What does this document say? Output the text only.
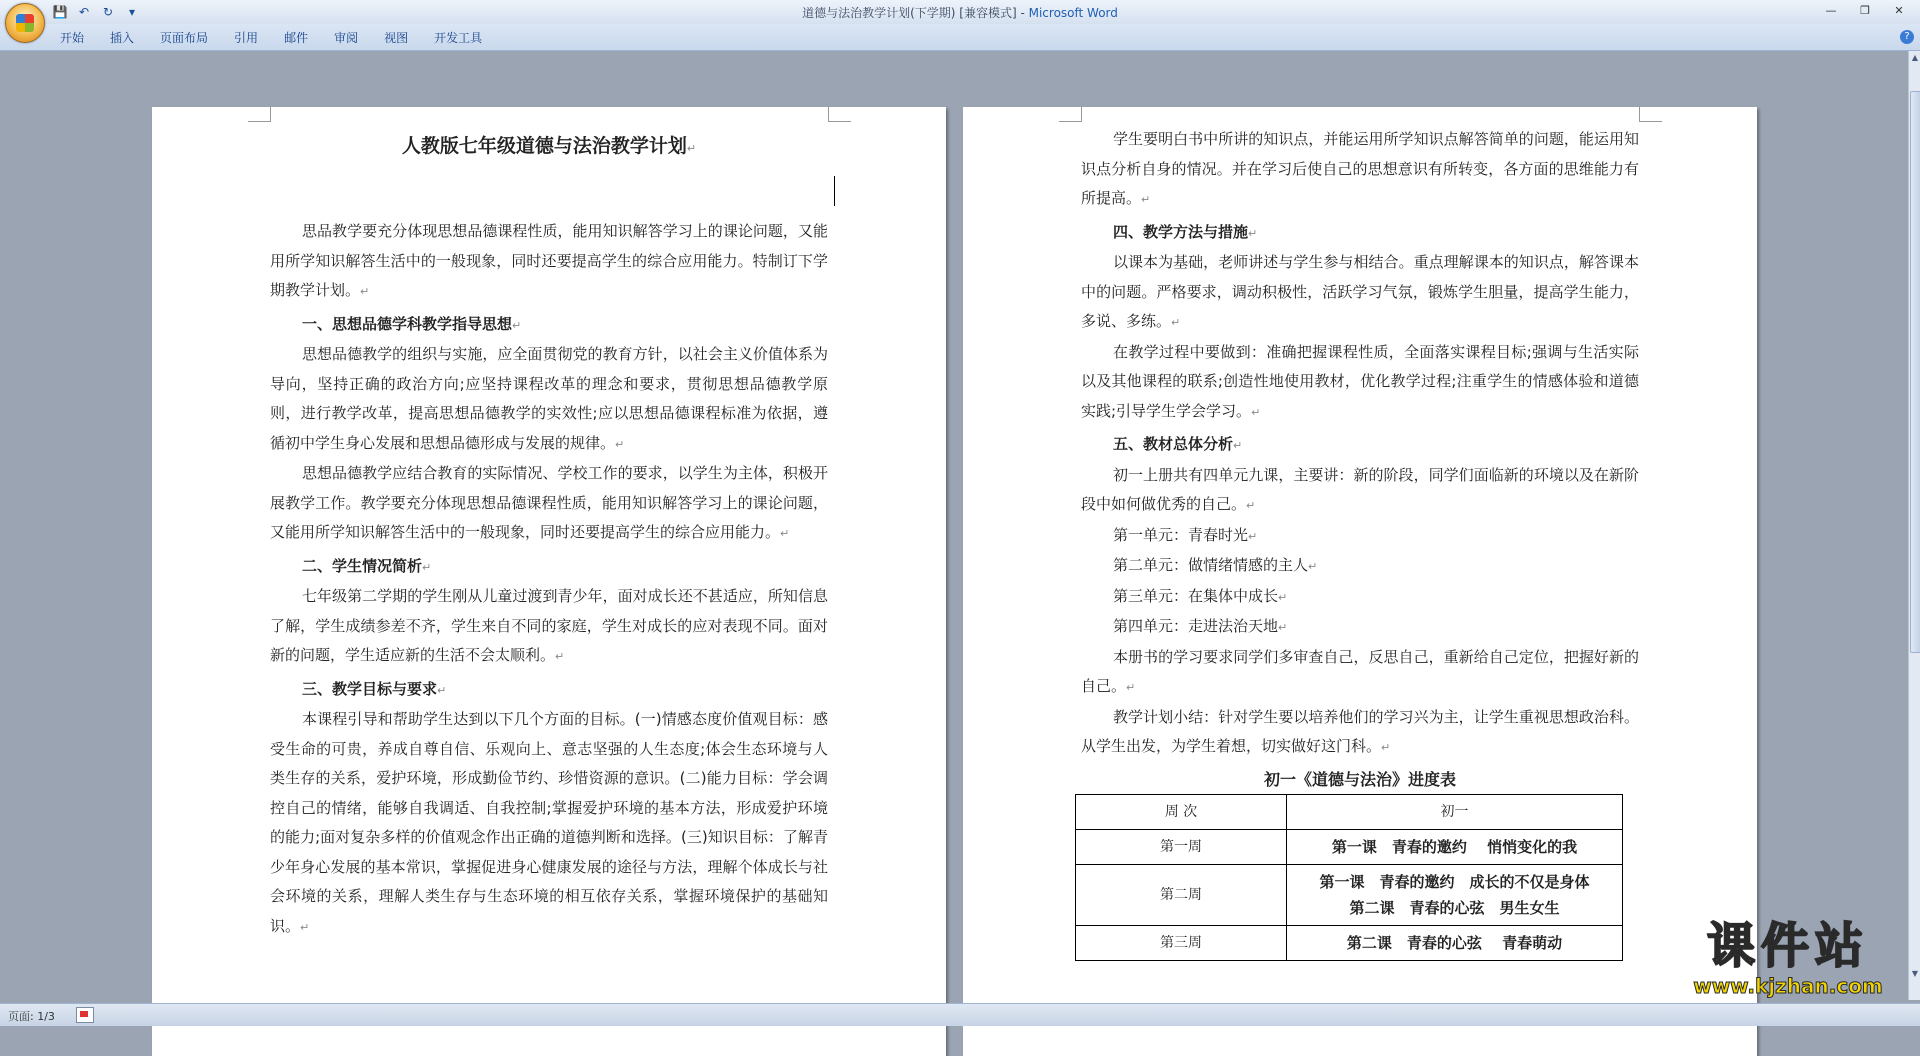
💾 ↶ ↻	▾	道德与法治教学计划(下学期) [兼容模式] - Microsoft Word	—	❐	✕
开始	插入	页面布局	引用	邮件	审阅	视图	开发工具	?
人教版七年级道德与法治教学计划↵

思品教学要充分体现思想品德课程性质，能用知识解答学习上的课论问题，又能用所学知识解答生活中的一般现象，同时还要提高学生的综合应用能力。特制订下学期教学计划。↵

一、思想品德学科教学指导思想↵

思想品德教学的组织与实施，应全面贯彻党的教育方针，以社会主义价值体系为导向，坚持正确的政治方向;应坚持课程改革的理念和要求，贯彻思想品德教学原则，进行教学改革，提高思想品德教学的实效性;应以思想品德课程标准为依据，遵循初中学生身心发展和思想品德形成与发展的规律。↵

思想品德教学应结合教育的实际情况、学校工作的要求，以学生为主体，积极开展教学工作。教学要充分体现思想品德课程性质，能用知识解答学习上的课论问题，又能用所学知识解答生活中的一般现象，同时还要提高学生的综合应用能力。↵

二、学生情况简析↵

七年级第二学期的学生刚从儿童过渡到青少年，面对成长还不甚适应，所知信息了解，学生成绩参差不齐，学生来自不同的家庭，学生对成长的应对表现不同。面对新的问题，学生适应新的生活不会太顺利。↵

三、教学目标与要求↵

本课程引导和帮助学生达到以下几个方面的目标。(一)情感态度价值观目标：感受生命的可贵，养成自尊自信、乐观向上、意志坚强的人生态度;体会生态环境与人类生存的关系，爱护环境，形成勤俭节约、珍惜资源的意识。(二)能力目标：学会调控自己的情绪，能够自我调适、自我控制;掌握爱护环境的基本方法，形成爱护环境的能力;面对复杂多样的价值观念作出正确的道德判断和选择。(三)知识目标：了解青少年身心发展的基本常识，掌握促进身心健康发展的途径与方法，理解个体成长与社会环境的关系，理解人类生存与生态环境的相互依存关系，掌握环境保护的基础知识。↵

学生要明白书中所讲的知识点，并能运用所学知识点解答简单的问题，能运用知识点分析自身的情况。并在学习后使自己的思想意识有所转变，各方面的思维能力有所提高。↵

四、教学方法与措施↵

以课本为基础，老师讲述与学生参与相结合。重点理解课本的知识点，解答课本中的问题。严格要求，调动积极性，活跃学习气氛，锻炼学生胆量，提高学生能力，多说、多练。↵

在教学过程中要做到：准确把握课程性质，全面落实课程目标;强调与生活实际以及其他课程的联系;创造性地使用教材，优化教学过程;注重学生的情感体验和道德实践;引导学生学会学习。↵

五、教材总体分析↵

初一上册共有四单元九课，主要讲：新的阶段，同学们面临新的环境以及在新阶段中如何做优秀的自己。↵

第一单元：青春时光↵

第二单元：做情绪情感的主人↵

第三单元：在集体中成长↵

第四单元：走进法治天地↵

本册书的学习要求同学们多审查自己，反思自己，重新给自己定位，把握好新的自己。↵

教学计划小结：针对学生要以培养他们的学习兴为主，让学生重视思想政治科。从学生出发，为学生着想，切实做好这门科。↵

初一《道德与法治》进度表
周 次	初一
第一周	第一课　青春的邀约　 悄悄变化的我

第二周	第一课　青春的邀约　成长的不仅是身体
第二课　青春的心弦　男生女生

第三周	第二课　青春的心弦　 青春萌动
▲
▼
页面: 1/3
课件站
www.kjzhan.com
